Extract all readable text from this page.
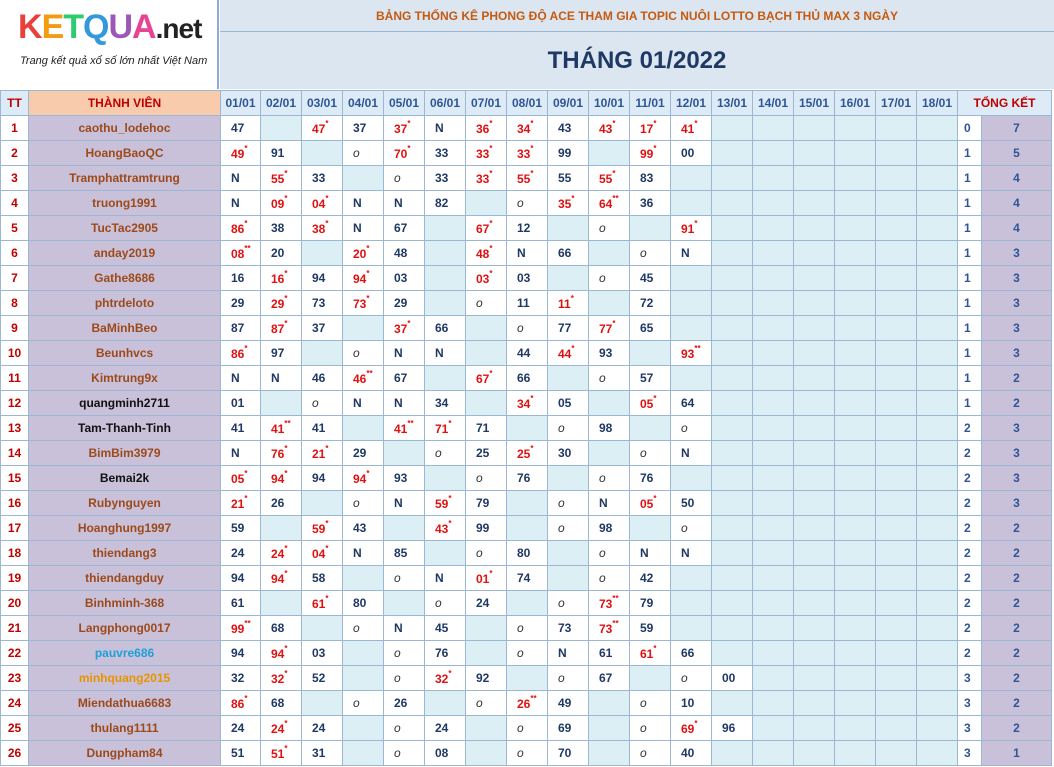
KETQUA.net
Trang kết quả xổ số lớn nhất Việt Nam
BẢNG THỐNG KÊ PHONG ĐỘ ACE THAM GIA TOPIC NUÔI LOTTO BẠCH THỦ MAX 3 NGÀY
THÁNG 01/2022
TT	THÀNH VIÊN	01/01	02/01	03/01	04/01	05/01	06/01	07/01	08/01	09/01	10/01	11/01	12/01	13/01	14/01	15/01	16/01	17/01	18/01	TỔNG KẾT	
1	caothu_lodehoc	47		47*	37	37*	N	36*	34*	43	43*	17*	41*							0	7
2	HoangBaoQC	49*	91		o	70*	33	33*	33*	99		99*	00							1	5
3	Tramphattramtrung	N	55*	33		o	33	33*	55*	55	55*	83								1	4
4	truong1991	N	09*	04*	N	N	82		o	35*	64**	36								1	4
5	TucTac2905	86*	38	38*	N	67		67*	12		o		91*							1	4
6	anday2019	08**	20		20*	48		48*	N	66		o	N							1	3
7	Gathe8686	16	16*	94	94*	03		03*	03		o	45								1	3
8	phtrdeloto	29	29*	73	73*	29		o	11	11*		72								1	3
9	BaMinhBeo	87	87*	37		37*	66		o	77	77*	65								1	3
10	Beunhvcs	86*	97		o	N	N		44	44*	93		93**							1	3
11	Kimtrung9x	N	N	46	46**	67		67*	66		o	57								1	2
12	quangminh2711	01		o	N	N	34		34*	05		05*	64							1	2
13	Tam-Thanh-Tinh	41	41**	41		41**	71*	71		o	98		o							2	3
14	BimBim3979	N	76*	21*	29		o	25	25*	30		o	N							2	3
15	Bemai2k	05*	94*	94	94*	93		o	76		o	76								2	3
16	Rubynguyen	21*	26		o	N	59*	79		o	N	05*	50							2	3
17	Hoanghung1997	59		59*	43		43*	99		o	98		o							2	2
18	thiendang3	24	24*	04*	N	85		o	80		o	N	N							2	2
19	thiendangduy	94	94*	58		o	N	01*	74		o	42								2	2
20	Binhminh-368	61		61*	80		o	24		o	73**	79								2	2
21	Langphong0017	99**	68		o	N	45		o	73	73**	59								2	2
22	pauvre686	94	94*	03		o	76		o	N	61	61*	66							2	2
23	minhquang2015	32	32*	52		o	32*	92		o	67		o	00						3	2
24	Miendathua6683	86*	68		o	26		o	26**	49		o	10							3	2
25	thulang1111	24	24*	24		o	24		o	69		o	69*	96						3	2
26	Dungpham84	51	51*	31		o	08		o	70		o	40							3	1
